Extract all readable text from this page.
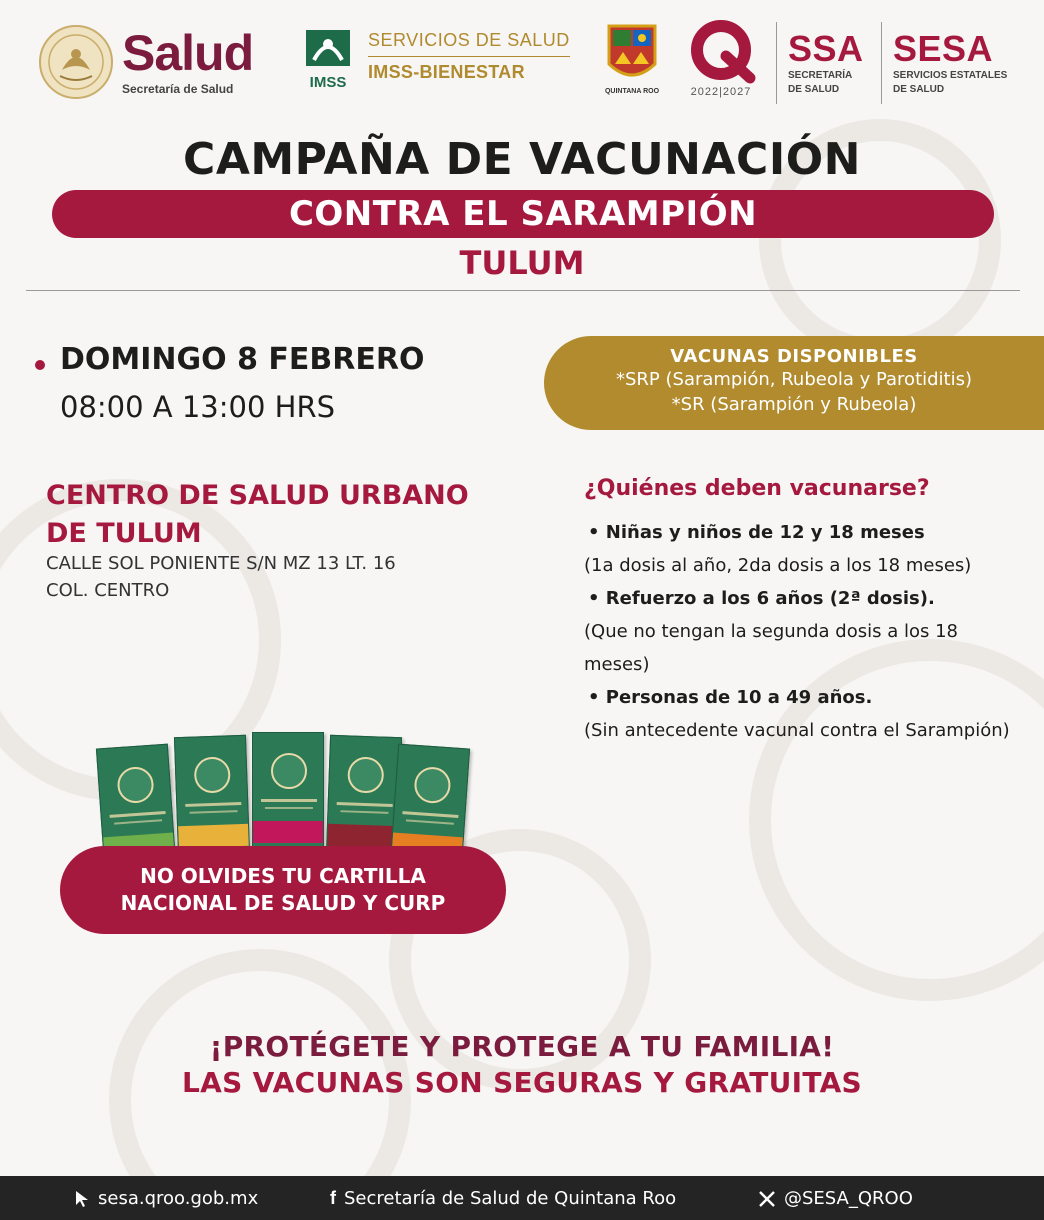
Salud
Secretaría de Salud	IMSS
SERVICIOS DE SALUD
IMSS-BIENESTAR
QUINTANA ROO	2022|2027
SSA
SECRETARÍA
DE SALUD
SESA
SERVICIOS ESTATALES
DE SALUD
CAMPAÑA DE VACUNACIÓN
CONTRA EL SARAMPIÓN
TULUM
DOMINGO 8 FEBRERO
08:00 A 13:00 HRS
CENTRO DE SALUD URBANO
DE TULUM
CALLE SOL PONIENTE S/N MZ 13 LT. 16
COL. CENTRO
VACUNAS DISPONIBLES
*SRP (Sarampión, Rubeola y Parotiditis)
*SR (Sarampión y Rubeola)
¿Quiénes deben vacunarse?
• Niñas y niños de 12 y 18 meses
(1a dosis al año, 2da dosis a los 18 meses)
• Refuerzo a los 6 años (2ª dosis).
(Que no tengan la segunda dosis a los 18 meses)
• Personas de 10 a 49 años.
(Sin antecedente vacunal contra el Sarampión)
NO OLVIDES TU CARTILLA
NACIONAL DE SALUD Y CURP
¡PROTÉGETE Y PROTEGE A TU FAMILIA!
LAS VACUNAS SON SEGURAS Y GRATUITAS
sesa.qroo.gob.mx	f Secretaría de Salud de Quintana Roo	@SESA_QROO
